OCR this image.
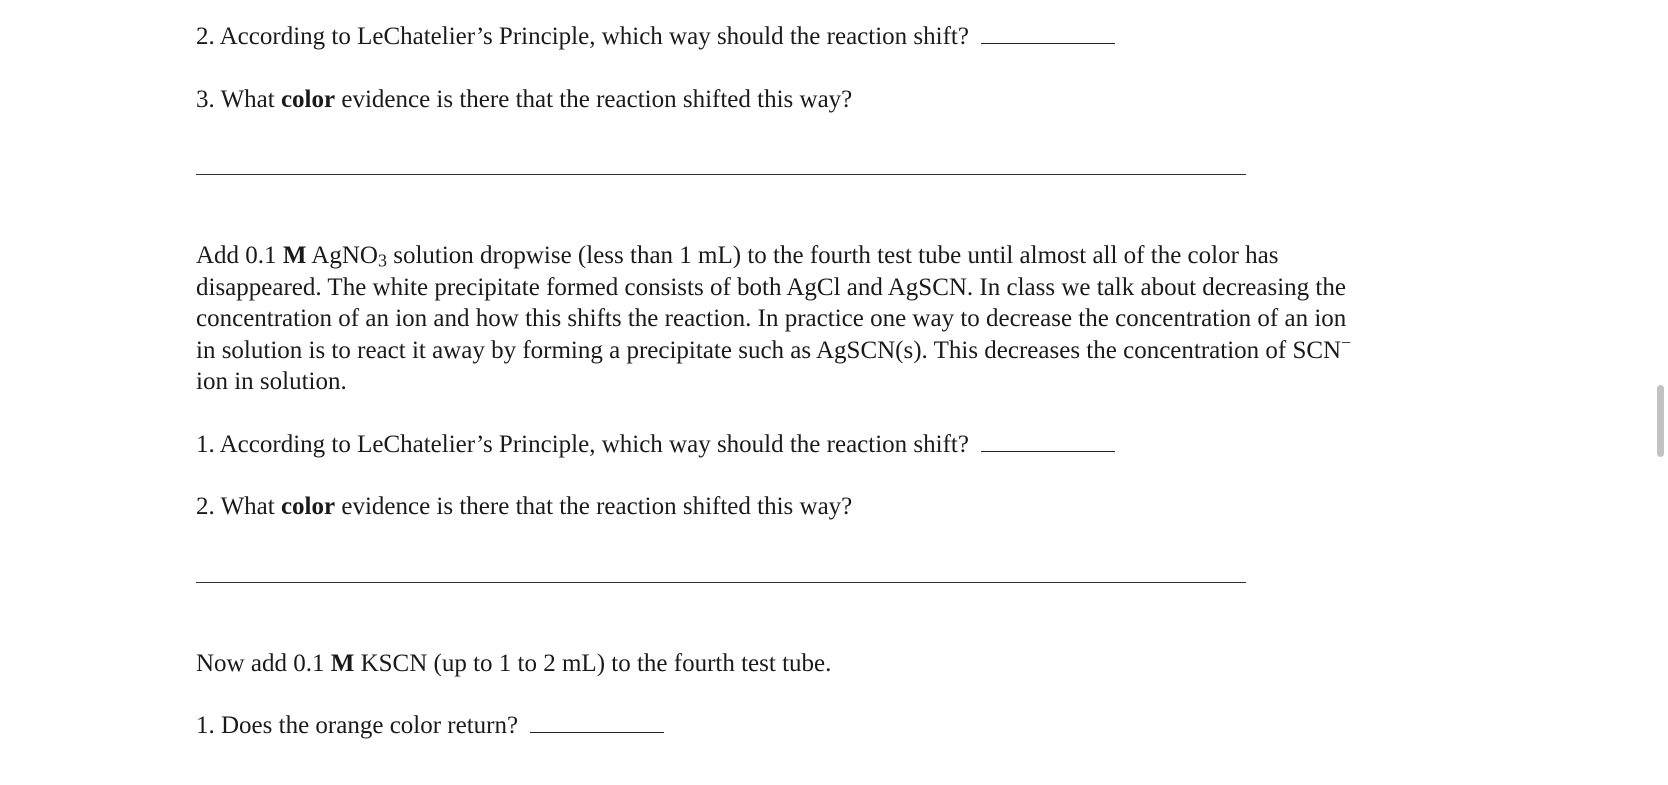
2. According to LeChatelier’s Principle, which way should the reaction shift?
3. What color evidence is there that the reaction shifted this way?
Add 0.1 M AgNO$_3$ solution dropwise (less than 1 mL) to the fourth test tube until almost all of the color has
disappeared. The white precipitate formed consists of both AgCl and AgSCN. In class we talk about decreasing the
concentration of an ion and how this shifts the reaction. In practice one way to decrease the concentration of an ion
in solution is to react it away by forming a precipitate such as AgSCN(s). This decreases the concentration of SCN−
ion in solution.
1. According to LeChatelier’s Principle, which way should the reaction shift?
2. What color evidence is there that the reaction shifted this way?
Now add 0.1 M KSCN (up to 1 to 2 mL) to the fourth test tube.
1. Does the orange color return?
